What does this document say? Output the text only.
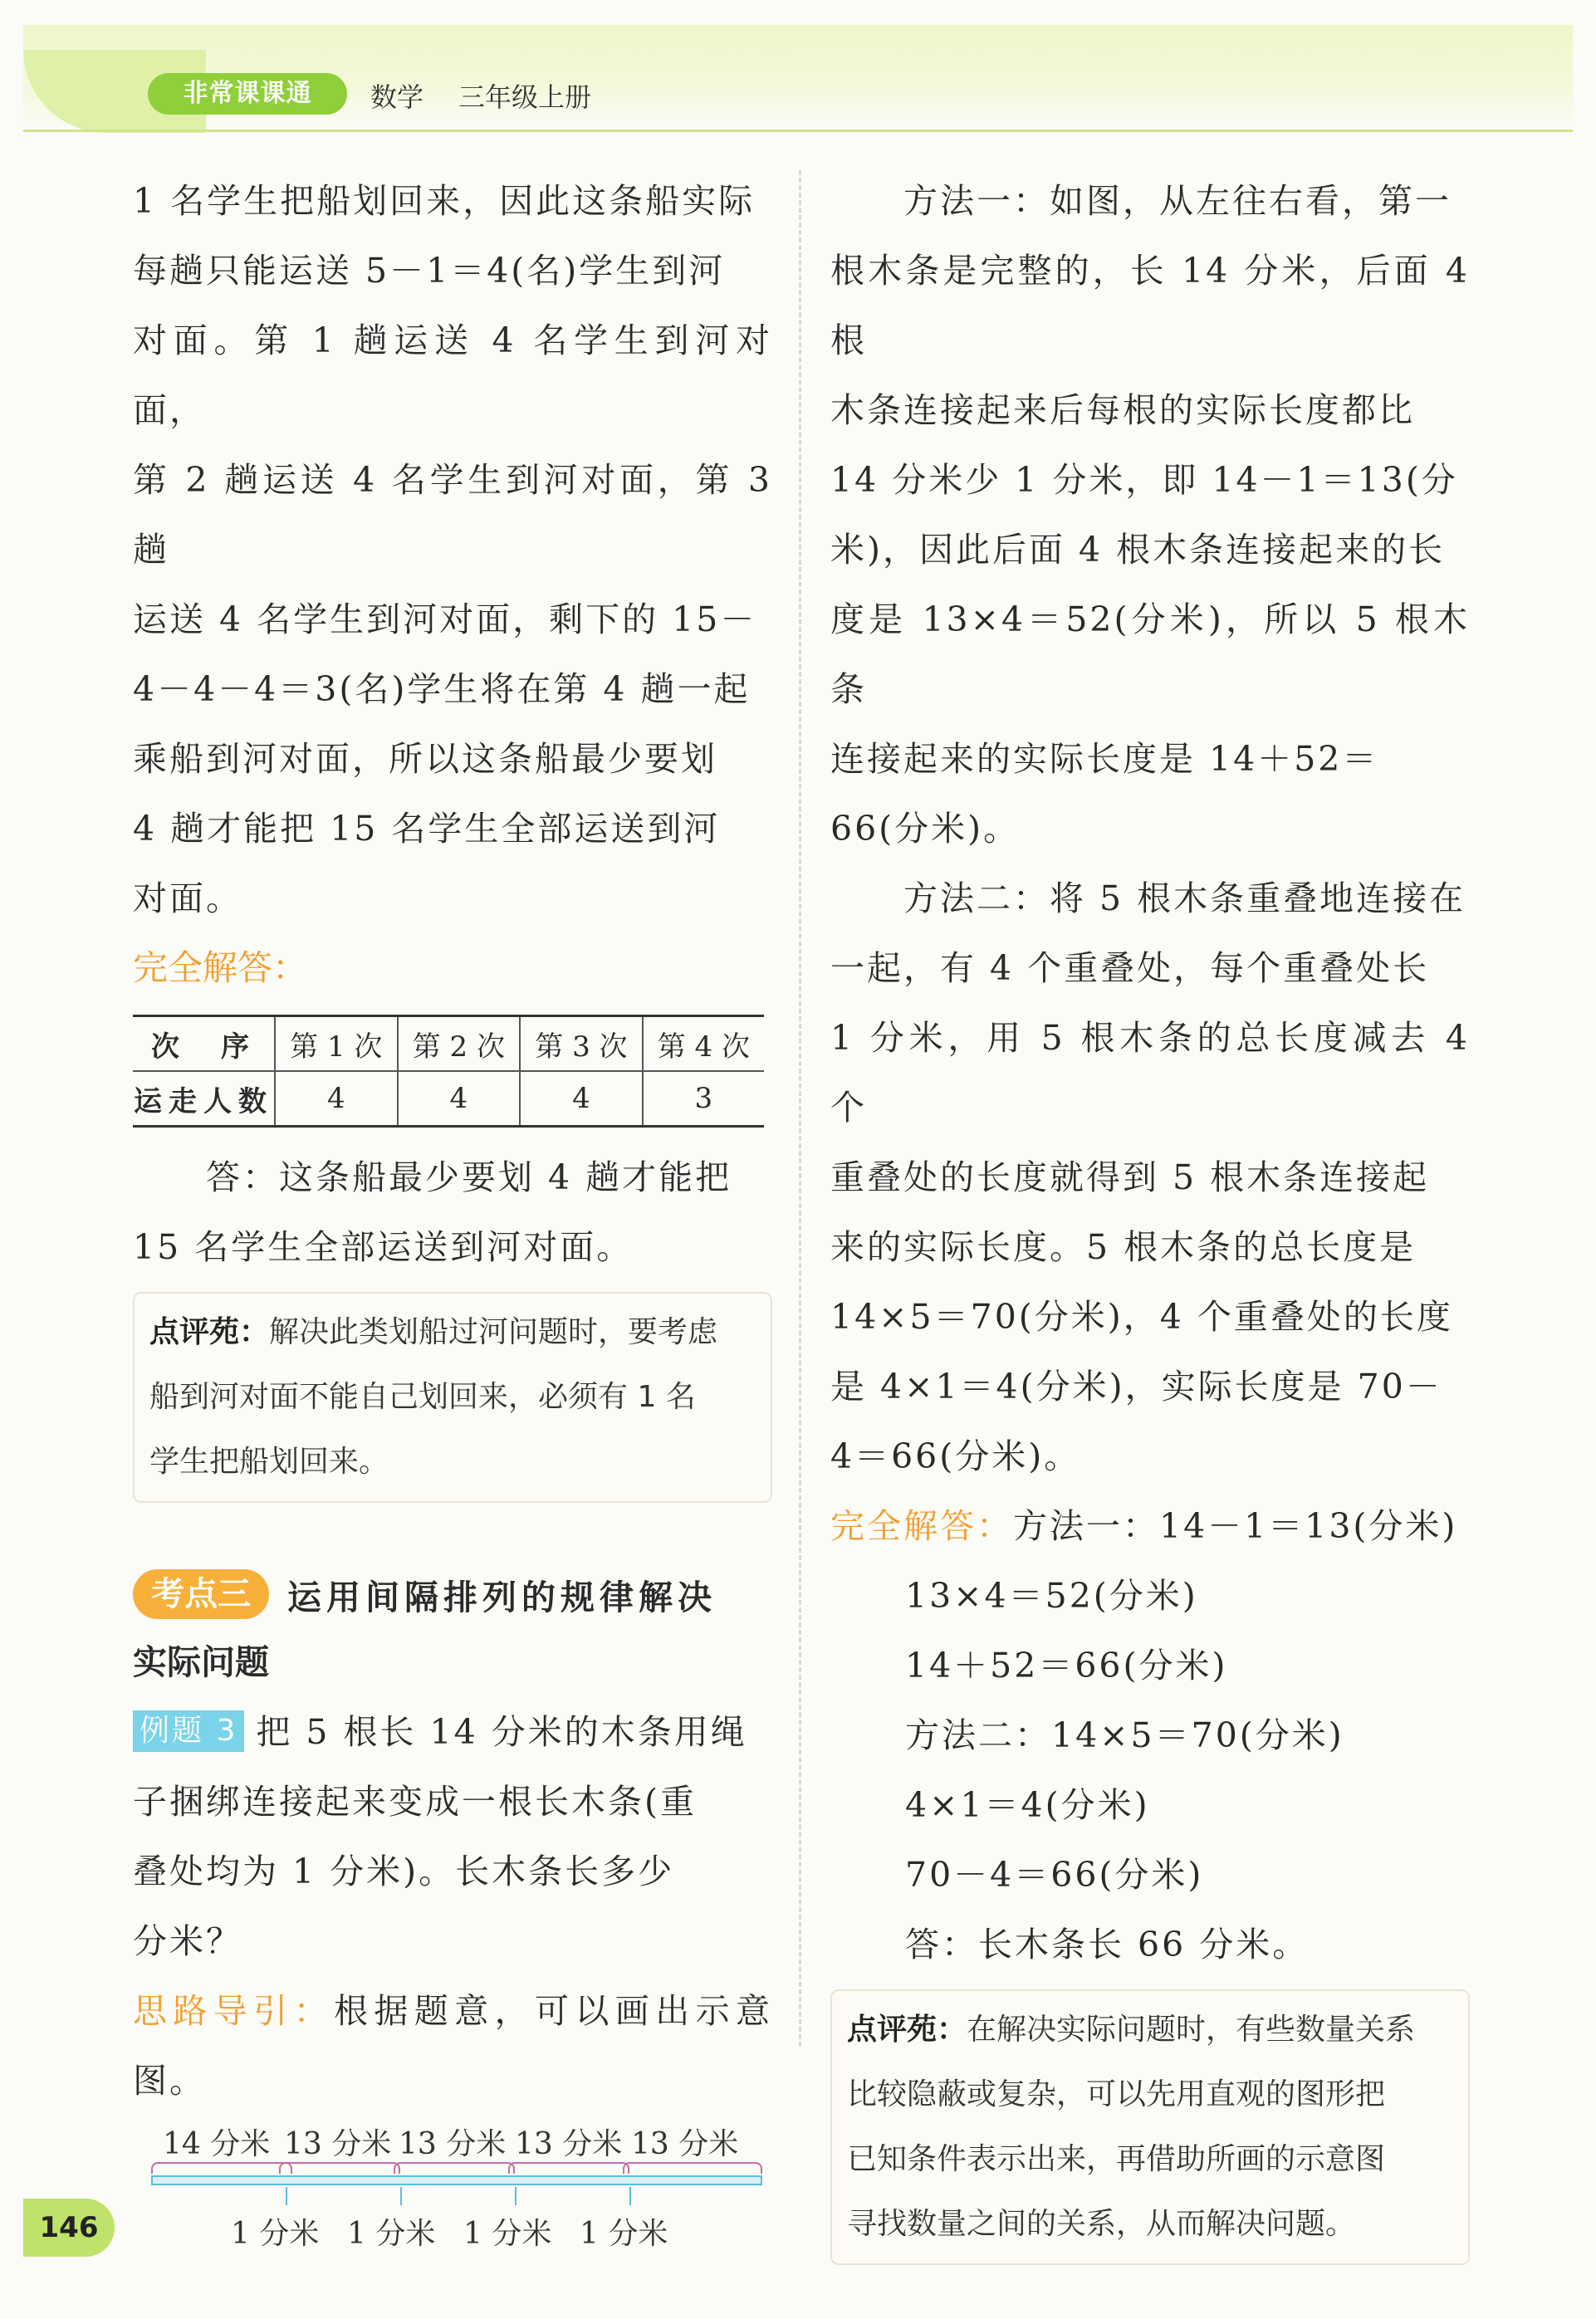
非常课课通	数学 三年级上册

1 名学生把船划回来，因此这条船实际

每趟只能运送 5－1＝4(名)学生到河

对面。第 1 趟运送 4 名学生到河对面，

第 2 趟运送 4 名学生到河对面，第 3 趟

运送 4 名学生到河对面，剩下的 15－

4－4－4＝3(名)学生将在第 4 趟一起

乘船到河对面，所以这条船最少要划

4 趟才能把 15 名学生全部运送到河

对面。

完全解答：

次　序	第 1 次	第 2 次	第 3 次	第 4 次
运走人数	4	4	4	3

答：这条船最少要划 4 趟才能把

15 名学生全部运送到河对面。

点评苑：解决此类划船过河问题时，要考虑
船到河对面不能自己划回来，必须有 1 名
学生把船划回来。
考点三	运用间隔排列的规律解决

实际问题

例题 3 把 5 根长 14 分米的木条用绳

子捆绑连接起来变成一根长木条(重

叠处均为 1 分米)。长木条长多少

分米？

思路导引：根据题意，可以画出示意图。

14 分米 13 分米 13 分米 13 分米 13 分米
1 分米 1 分米 1 分米 1 分米

方法一：如图，从左往右看，第一

根木条是完整的，长 14 分米，后面 4 根

木条连接起来后每根的实际长度都比

14 分米少 1 分米，即 14－1＝13(分

米)，因此后面 4 根木条连接起来的长

度是 13×4＝52(分米)，所以 5 根木条

连接起来的实际长度是 14＋52＝

66(分米)。

方法二：将 5 根木条重叠地连接在

一起，有 4 个重叠处，每个重叠处长

1 分米，用 5 根木条的总长度减去 4 个

重叠处的长度就得到 5 根木条连接起

来的实际长度。5 根木条的总长度是

14×5＝70(分米)，4 个重叠处的长度

是 4×1＝4(分米)，实际长度是 70－

4＝66(分米)。

完全解答：方法一：14－1＝13(分米)

13×4＝52(分米)

14＋52＝66(分米)

方法二：14×5＝70(分米)

4×1＝4(分米)

70－4＝66(分米)

答：长木条长 66 分米。

点评苑：在解决实际问题时，有些数量关系
比较隐蔽或复杂，可以先用直观的图形把
已知条件表示出来，再借助所画的示意图
寻找数量之间的关系，从而解决问题。
146
